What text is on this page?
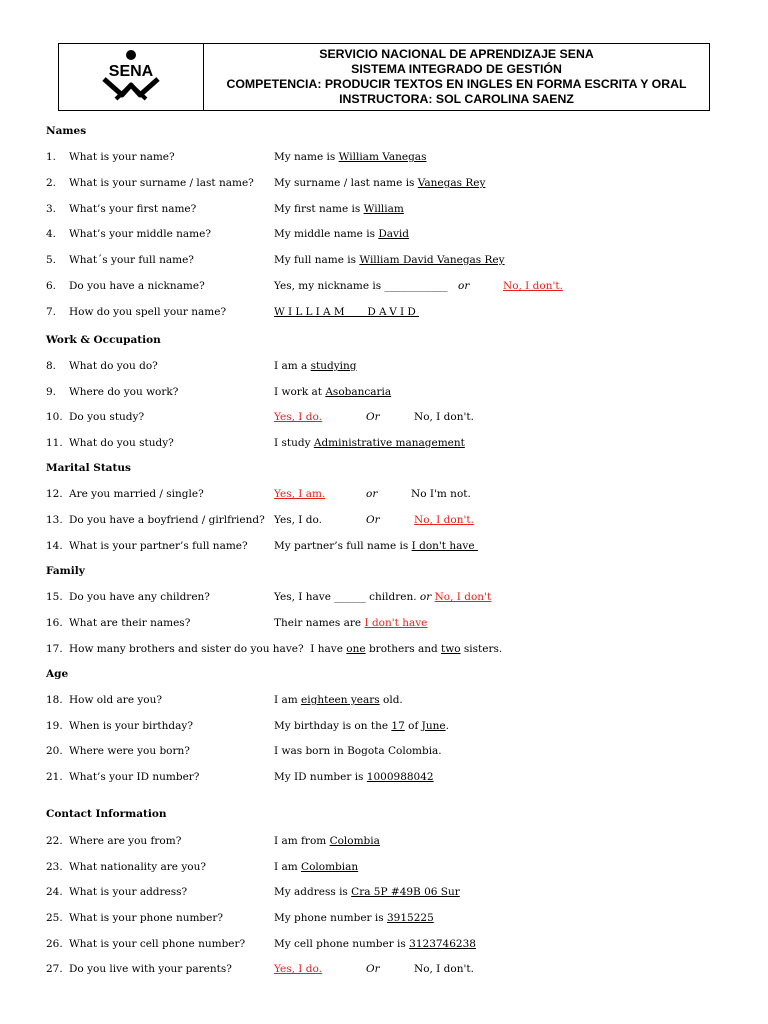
SENA
SERVICIO NACIONAL DE APRENDIZAJE SENA
SISTEMA INTEGRADO DE GESTIÓN
COMPETENCIA: PRODUCIR TEXTOS EN INGLES EN FORMA ESCRITA Y ORAL
INSTRUCTORA: SOL CAROLINA SAENZ
Names
Work & Occupation
Marital Status
Family
Age
Contact Information
1. What is your name?	My name is William Vanegas
2. What is your surname / last name? My surname / last name is Vanegas Rey
3. What’s your first name?	My first name is William
4. What’s your middle name?	My middle name is David
5. What´s your full name?	My full name is William David Vanegas Rey
6. Do you have a nickname?	Yes, my nickname is ____________ or	No, I don't.
7. How do you spell your name?	WILLIAM   DAVID
8. What do you do?	I am a studying
9. Where do you work?	I work at Asobancaria
10. Do you study?	Yes, I do.	Or	No, I don't.
11. What do you study?	I study Administrative management
12. Are you married / single?	Yes, I am.	or	No I'm not.
13. Do you have a boyfriend / girlfriend? Yes, I do.	Or	No, I don't.
14. What is your partner’s full name?	My partner’s full name is I don't have
15. Do you have any children?	Yes, I have ______ children. or No, I don't
16. What are their names?	Their names are I don't have
17. How many brothers and sister do you have? I have one brothers and two sisters.
18. How old are you?	I am eighteen years old.
19. When is your birthday?	My birthday is on the 17 of June.
20. Where were you born?	I was born in Bogota Colombia.
21. What’s your ID number?	My ID number is 1000988042
22. Where are you from?	I am from Colombia
23. What nationality are you?	I am Colombian
24. What is your address?	My address is Cra 5P #49B 06 Sur
25. What is your phone number?	My phone number is 3915225
26. What is your cell phone number?	My cell phone number is 3123746238
27. Do you live with your parents?	Yes, I do.	Or	No, I don't.
